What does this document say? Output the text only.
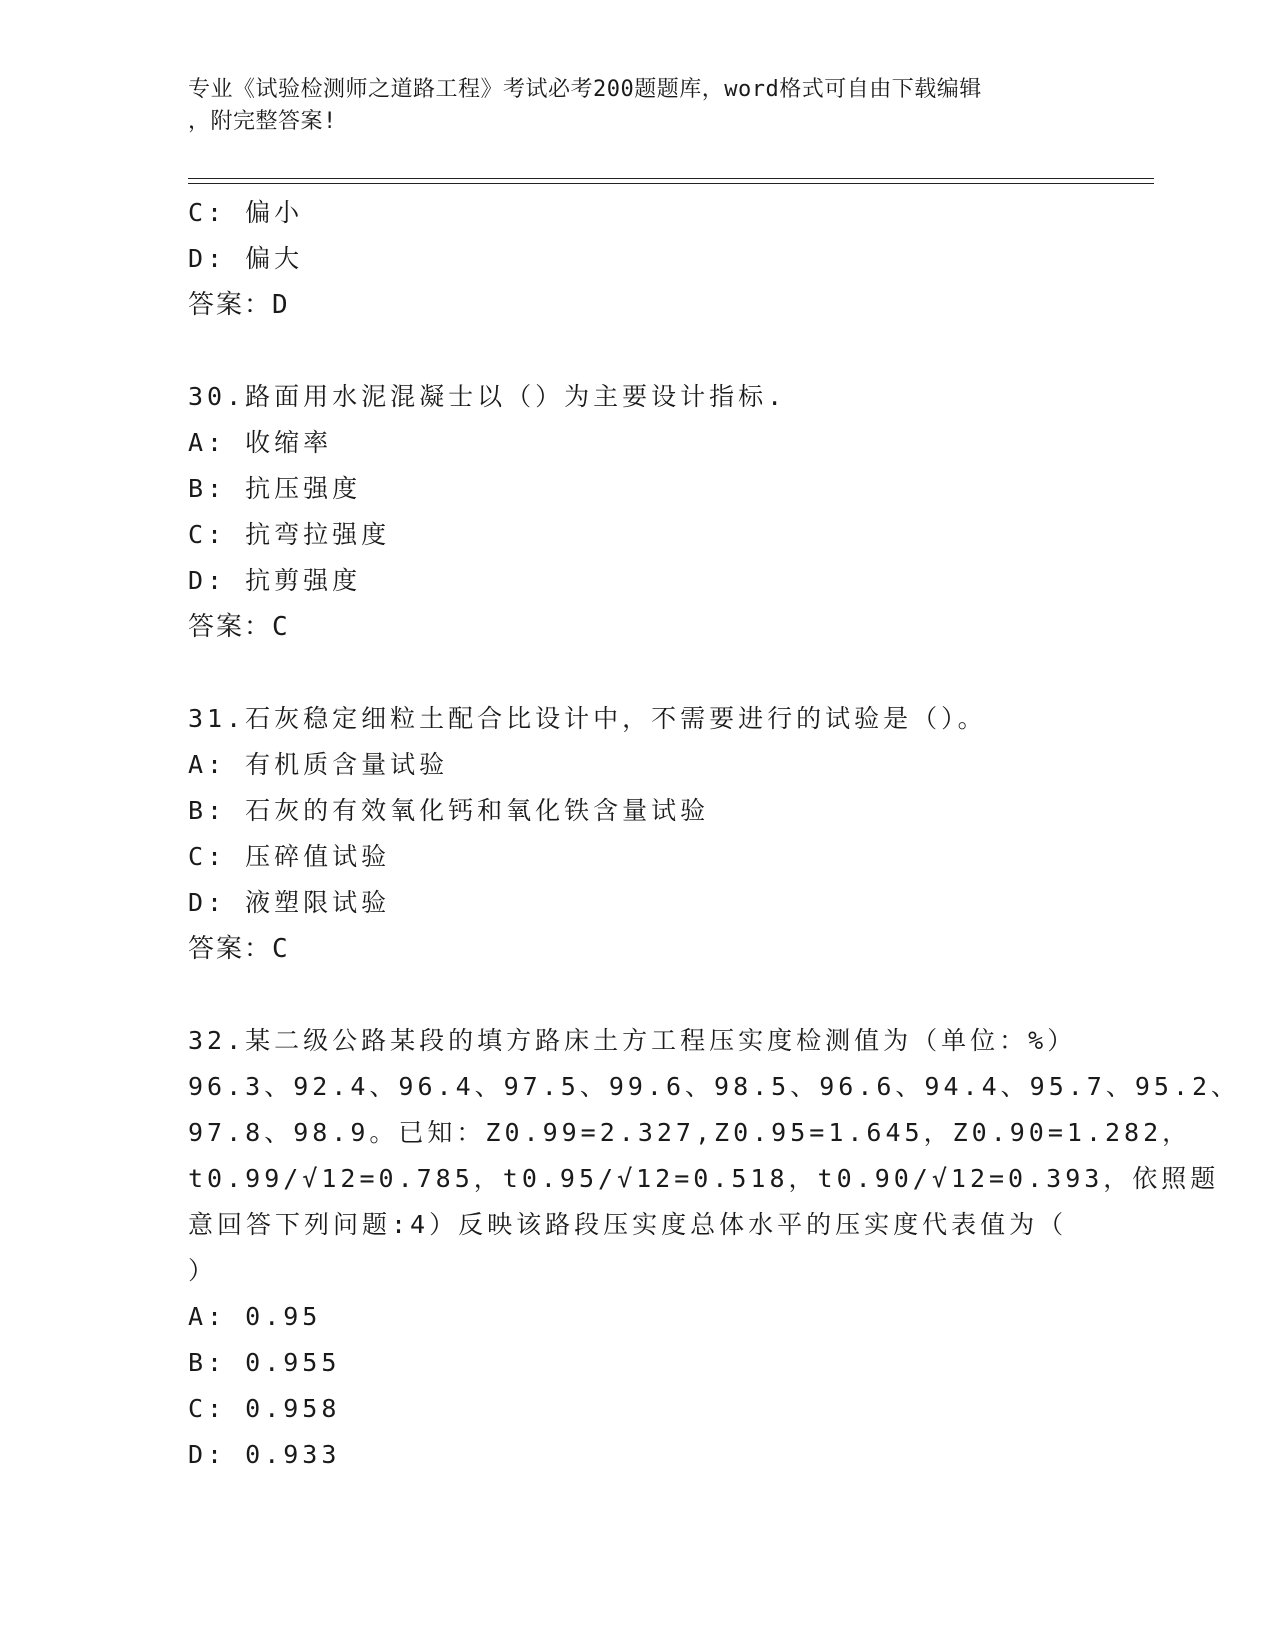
专业《试验检测师之道路工程》考试必考200题题库，word格式可自由下载编辑
，附完整答案!
C: 偏小
D: 偏大
答案：D
30.路面用水泥混凝士以（）为主要设计指标.
A: 收缩率
B: 抗压强度
C: 抗弯拉强度
D: 抗剪强度
答案：C
31.石灰稳定细粒土配合比设计中，不需要进行的试验是（）。
A: 有机质含量试验
B: 石灰的有效氧化钙和氧化铁含量试验
C: 压碎值试验
D: 液塑限试验
答案：C
32.某二级公路某段的填方路床土方工程压实度检测值为（单位：%）
96.3、92.4、96.4、97.5、99.6、98.5、96.6、94.4、95.7、95.2、
97.8、98.9。已知：Z0.99=2.327,Z0.95=1.645，Z0.90=1.282，
t0.99/√12=0.785，t0.95/√12=0.518，t0.90/√12=0.393，依照题
意回答下列问题:4）反映该路段压实度总体水平的压实度代表值为（
）
A: 0.95
B: 0.955
C: 0.958
D: 0.933
